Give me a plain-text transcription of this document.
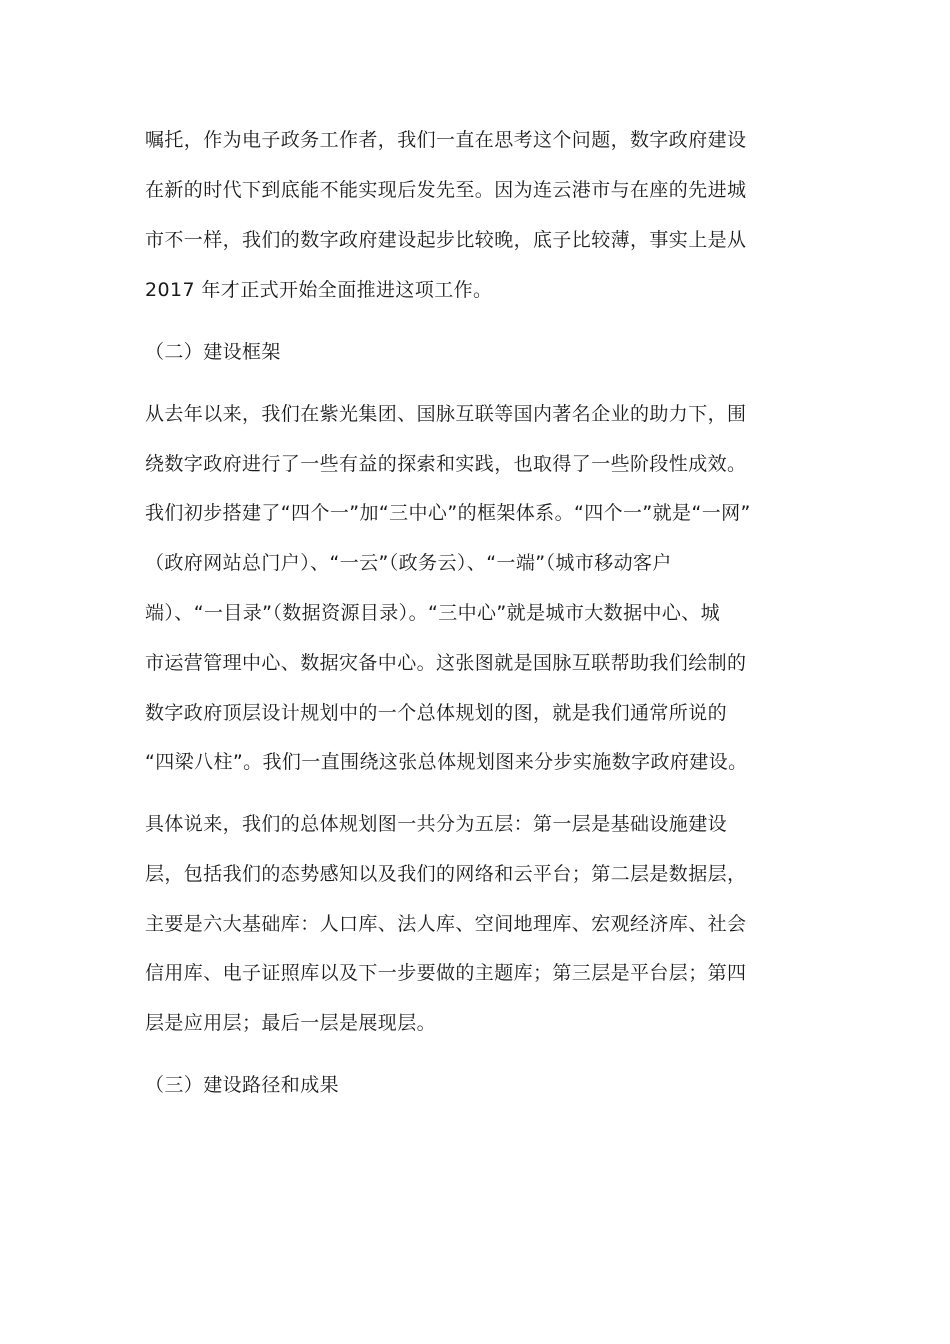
嘱托，作为电子政务工作者，我们一直在思考这个问题，数字政府建设
在新的时代下到底能不能实现后发先至。因为连云港市与在座的先进城
市不一样，我们的数字政府建设起步比较晚，底子比较薄，事实上是从
2017 年才正式开始全面推进这项工作。
（二）建设框架
从去年以来，我们在紫光集团、国脉互联等国内著名企业的助力下，围
绕数字政府进行了一些有益的探索和实践，也取得了一些阶段性成效。
我们初步搭建了“四个一”加“三中心”的框架体系。“四个一”就是“一网”
（政府网站总门户）、“一云”（政务云）、“一端”（城市移动客户
端）、“一目录”（数据资源目录）。“三中心”就是城市大数据中心、城
市运营管理中心、数据灾备中心。这张图就是国脉互联帮助我们绘制的
数字政府顶层设计规划中的一个总体规划的图，就是我们通常所说的
“四梁八柱”。我们一直围绕这张总体规划图来分步实施数字政府建设。
具体说来，我们的总体规划图一共分为五层：第一层是基础设施建设
层，包括我们的态势感知以及我们的网络和云平台；第二层是数据层，
主要是六大基础库：人口库、法人库、空间地理库、宏观经济库、社会
信用库、电子证照库以及下一步要做的主题库；第三层是平台层；第四
层是应用层；最后一层是展现层。
（三）建设路径和成果
